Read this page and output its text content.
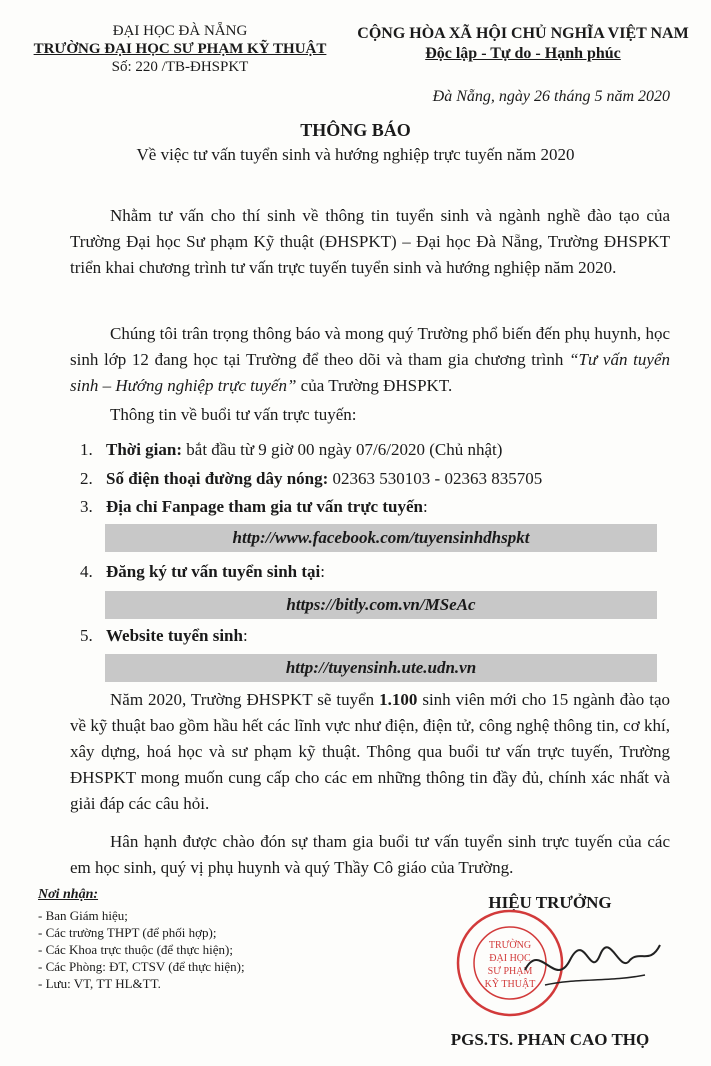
ĐẠI HỌC ĐÀ NẴNG
TRƯỜNG ĐẠI HỌC SƯ PHẠM KỸ THUẬT
Số: 220 /TB-ĐHSPKT
CỘNG HÒA XÃ HỘI CHỦ NGHĨA VIỆT NAM
Độc lập - Tự do - Hạnh phúc
Đà Nẵng, ngày 26 tháng 5 năm 2020
THÔNG BÁO
Về việc tư vấn tuyển sinh và hướng nghiệp trực tuyến năm 2020
Nhằm tư vấn cho thí sinh về thông tin tuyển sinh và ngành nghề đào tạo của Trường Đại học Sư phạm Kỹ thuật (ĐHSPKT) – Đại học Đà Nẵng, Trường ĐHSPKT triển khai chương trình tư vấn trực tuyến tuyển sinh và hướng nghiệp năm 2020.
Chúng tôi trân trọng thông báo và mong quý Trường phổ biến đến phụ huynh, học sinh lớp 12 đang học tại Trường để theo dõi và tham gia chương trình “Tư vấn tuyển sinh – Hướng nghiệp trực tuyến” của Trường ĐHSPKT.
Thông tin về buổi tư vấn trực tuyến:
1. Thời gian: bắt đầu từ 9 giờ 00 ngày 07/6/2020 (Chủ nhật)
2. Số điện thoại đường dây nóng: 02363 530103 - 02363 835705
3. Địa chỉ Fanpage tham gia tư vấn trực tuyến:
http://www.facebook.com/tuyensinhdhspkt
4. Đăng ký tư vấn tuyển sinh tại:
https://bitly.com.vn/MSeAc
5. Website tuyển sinh:
http://tuyensinh.ute.udn.vn
Năm 2020, Trường ĐHSPKT sẽ tuyển 1.100 sinh viên mới cho 15 ngành đào tạo về kỹ thuật bao gồm hầu hết các lĩnh vực như điện, điện tử, công nghệ thông tin, cơ khí, xây dựng, hoá học và sư phạm kỹ thuật. Thông qua buổi tư vấn trực tuyến, Trường ĐHSPKT mong muốn cung cấp cho các em những thông tin đầy đủ, chính xác nhất và giải đáp các câu hỏi.
Hân hạnh được chào đón sự tham gia buổi tư vấn tuyển sinh trực tuyến của các em học sinh, quý vị phụ huynh và quý Thầy Cô giáo của Trường.
Nơi nhận:
- Ban Giám hiệu;
- Các trường THPT (để phối hợp);
- Các Khoa trực thuộc (để thực hiện);
- Các Phòng: ĐT, CTSV (để thực hiện);
- Lưu: VT, TT HL&TT.
HIỆU TRƯỞNG
TRƯỜNG
ĐẠI HỌC
SƯ PHẠM
KỸ THUẬT
PGS.TS. PHAN CAO THỌ
